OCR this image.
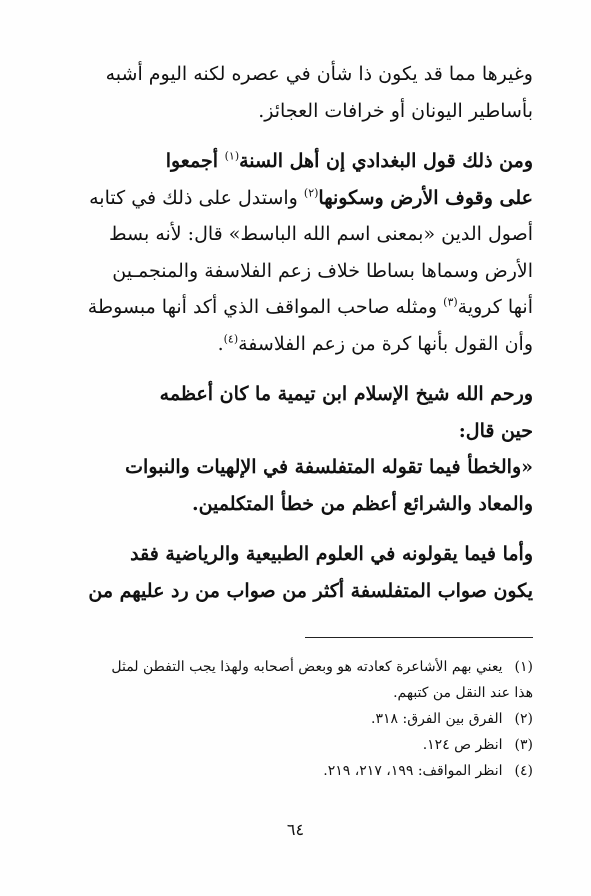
وغيرها مما قد يكون ذا شأن في عصره لكنه اليوم أشبه
بأساطير اليونان أو خرافات العجائز.

ومن ذلك قول البغدادي إن أهل السنة$^{(١)}$ أجمعوا
على وقوف الأرض وسكونها$^{(٢)}$ واستدل على ذلك في كتابه
أصول الدين «بمعنى اسم الله الباسط» قال: لأنه بسط
الأرض وسماها بساطا خلاف زعم الفلاسفة والمنجمـين
أنها كروية$^{(٣)}$ ومثله صاحب المواقف الذي أكد أنها مبسوطة
وأن القول بأنها كرة من زعم الفلاسفة$^{(٤)}$.

ورحم الله شيخ الإسلام ابن تيمية ما كان أعظمه
حين قال:
«والخطأ فيما تقوله المتفلسفة في الإلهيات والنبوات
والمعاد والشرائع أعظم من خطأ المتكلمين.

وأما فيما يقولونه في العلوم الطبيعية والرياضية فقد
يكون صواب المتفلسفة أكثر من صواب من رد عليهم من

(١) يعني بهم الأشاعرة كعادته هو وبعض أصحابه ولهذا يجب التفطن لمثل
هذا عند النقل من كتبهم.
(٢) الفرق بين الفرق: ٣١٨.
(٣) انظر ص ١٢٤.
(٤) انظر المواقف: ١٩٩، ٢١٧، ٢١٩.
٦٤
